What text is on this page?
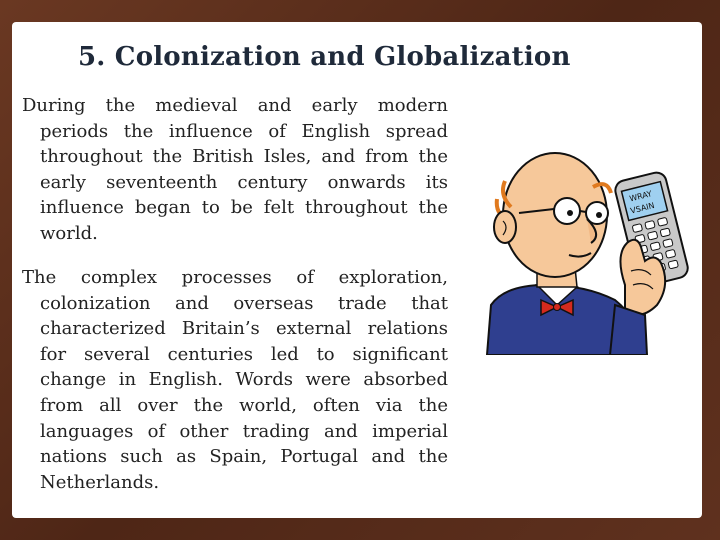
5. Colonization and Globalization

During the medieval and early modern periods the influence of English spread throughout the British Isles, and from the early seventeenth century onwards its influence began to be felt throughout the world.

The complex processes of exploration, colonization and overseas trade that characterized Britain’s external relations for several centuries led to significant change in English. Words were absorbed from all over the world, often via the languages of other trading and imperial nations such as Spain, Portugal and the Netherlands.

WRAY
VSAIN
